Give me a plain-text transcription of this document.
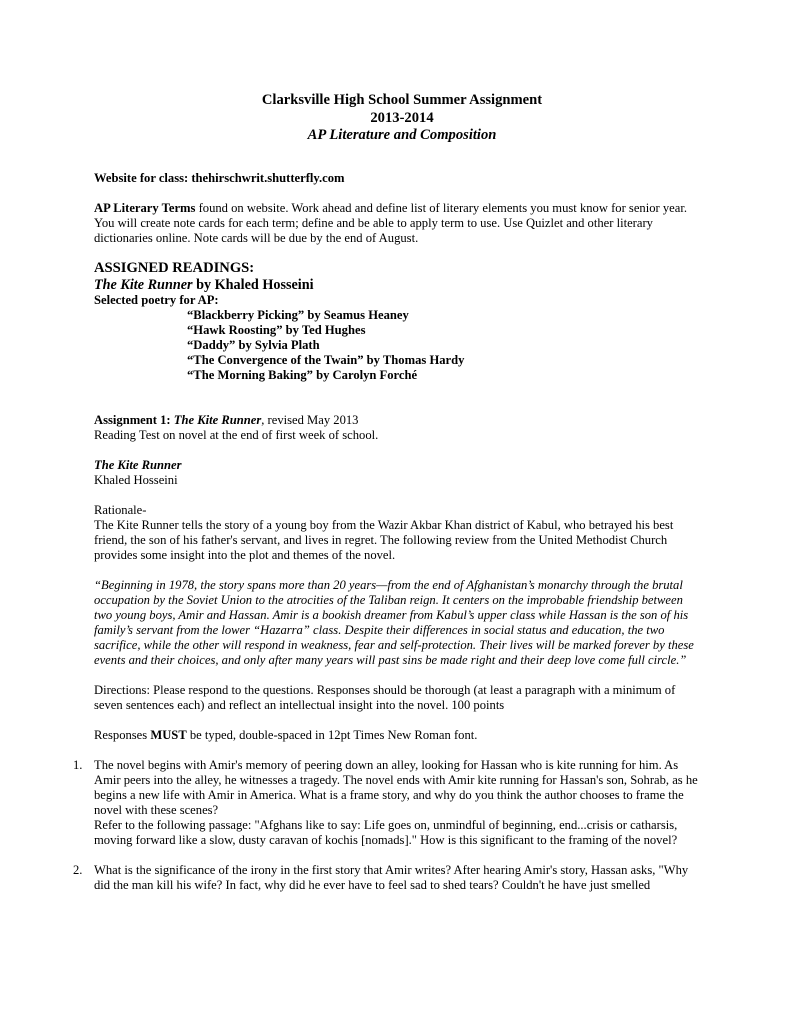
Clarksville High School Summer Assignment

2013-2014

AP Literature and Composition

Website for class: thehirschwrit.shutterfly.com

AP Literary Terms found on website. Work ahead and define list of literary elements you must know for senior year. You will create note cards for each term; define and be able to apply term to use. Use Quizlet and other literary dictionaries online. Note cards will be due by the end of August.

ASSIGNED READINGS:

The Kite Runner by Khaled Hosseini

Selected poetry for AP:

“Blackberry Picking” by Seamus Heaney
“Hawk Roosting” by Ted Hughes
“Daddy” by Sylvia Plath
“The Convergence of the Twain” by Thomas Hardy
“The Morning Baking” by Carolyn Forché

Assignment 1: The Kite Runner, revised May 2013

Reading Test on novel at the end of first week of school.

The Kite Runner

Khaled Hosseini

Rationale-

The Kite Runner tells the story of a young boy from the Wazir Akbar Khan district of Kabul, who betrayed his best friend, the son of his father's servant, and lives in regret. The following review from the United Methodist Church provides some insight into the plot and themes of the novel.

“Beginning in 1978, the story spans more than 20 years—from the end of Afghanistan’s monarchy through the brutal occupation by the Soviet Union to the atrocities of the Taliban reign. It centers on the improbable friendship between two young boys, Amir and Hassan. Amir is a bookish dreamer from Kabul’s upper class while Hassan is the son of his family’s servant from the lower “Hazarra” class. Despite their differences in social status and education, the two

sacrifice, while the other will respond in weakness, fear and self-protection. Their lives will be marked forever by these events and their choices, and only after many years will past sins be made right and their deep love come full circle.”

Directions: Please respond to the questions. Responses should be thorough (at least a paragraph with a minimum of seven sentences each) and reflect an intellectual insight into the novel. 100 points

Responses MUST be typed, double-spaced in 12pt Times New Roman font.

1. The novel begins with Amir's memory of peering down an alley, looking for Hassan who is kite running for him. As Amir peers into the alley, he witnesses a tragedy. The novel ends with Amir kite running for Hassan's son, Sohrab, as he begins a new life with Amir in America. What is a frame story, and why do you think the author chooses to frame the novel with these scenes?

Refer to the following passage: "Afghans like to say: Life goes on, unmindful of beginning, end...crisis or catharsis, moving forward like a slow, dusty caravan of kochis [nomads]." How is this significant to the framing of the novel?

2. What is the significance of the irony in the first story that Amir writes? After hearing Amir's story, Hassan asks, "Why did the man kill his wife? In fact, why did he ever have to feel sad to shed tears? Couldn't he have just smelled
